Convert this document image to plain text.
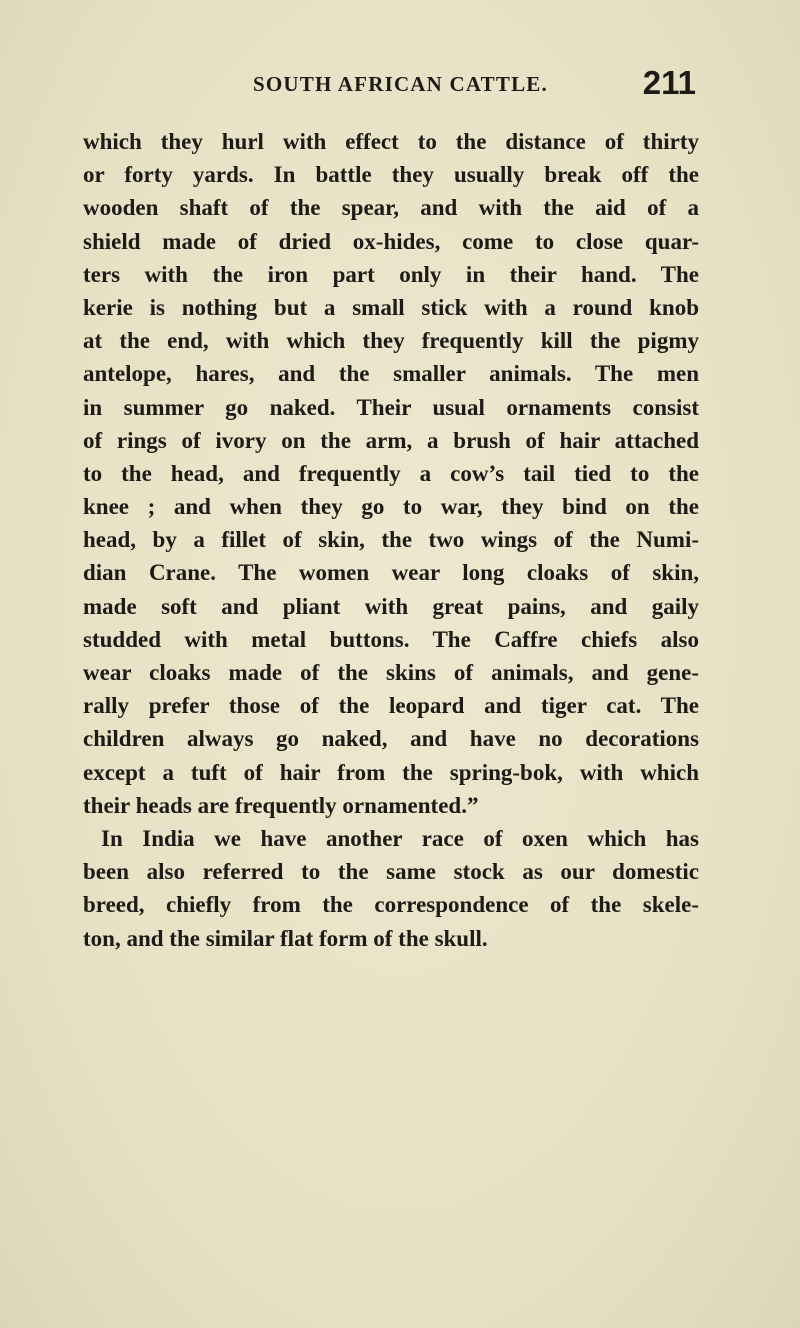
SOUTH AFRICAN CATTLE.	211
which they hurl with effect to the distance of thirty
or forty yards. In battle they usually break off the
wooden shaft of the spear, and with the aid of a
shield made of dried ox-hides, come to close quar-
ters with the iron part only in their hand. The
kerie is nothing but a small stick with a round knob
at the end, with which they frequently kill the pigmy
antelope, hares, and the smaller animals. The men
in summer go naked. Their usual ornaments consist
of rings of ivory on the arm, a brush of hair attached
to the head, and frequently a cow’s tail tied to the
knee ; and when they go to war, they bind on the
head, by a fillet of skin, the two wings of the Numi-
dian Crane. The women wear long cloaks of skin,
made soft and pliant with great pains, and gaily
studded with metal buttons. The Caffre chiefs also
wear cloaks made of the skins of animals, and gene-
rally prefer those of the leopard and tiger cat. The
children always go naked, and have no decorations
except a tuft of hair from the spring-bok, with which
their heads are frequently ornamented.”
In India we have another race of oxen which has
been also referred to the same stock as our domestic
breed, chiefly from the correspondence of the skele-
ton, and the similar flat form of the skull.
